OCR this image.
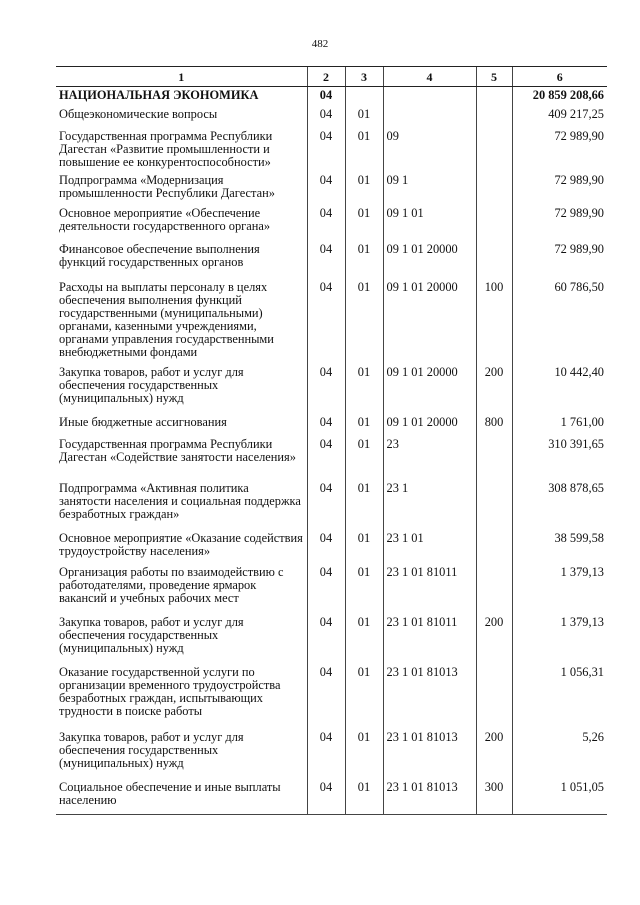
482
1	2	3	4	5	6
НАЦИОНАЛЬНАЯ ЭКОНОМИКА	04				20 859 208,66
Общеэкономические вопросы	04	01			409 217,25
Государственная программа Республики Дагестан «Развитие промышленности и повышение ее конкурентоспособности»	04	01	09		72 989,90
Подпрограмма «Модернизация промышленности Республики Дагестан»	04	01	09 1		72 989,90
Основное мероприятие «Обеспечение деятельности государственного органа»	04	01	09 1 01		72 989,90
Финансовое обеспечение выполнения функций государственных органов	04	01	09 1 01 20000		72 989,90
Расходы на выплаты персоналу в целях обеспечения выполнения функций государственными (муниципальными) органами, казенными учреждениями, органами управления государственными внебюджетными фондами	04	01	09 1 01 20000	100	60 786,50
Закупка товаров, работ и услуг для обеспечения государственных (муниципальных) нужд	04	01	09 1 01 20000	200	10 442,40
Иные бюджетные ассигнования	04	01	09 1 01 20000	800	1 761,00
Государственная программа Республики Дагестан «Содействие занятости населения»	04	01	23		310 391,65
Подпрограмма «Активная политика занятости населения и социальная поддержка безработных граждан»	04	01	23 1		308 878,65
Основное мероприятие «Оказание содействия трудоустройству населения»	04	01	23 1 01		38 599,58
Организация работы по взаимодействию с работодателями, проведение ярмарок вакансий и учебных рабочих мест	04	01	23 1 01 81011		1 379,13
Закупка товаров, работ и услуг для обеспечения государственных (муниципальных) нужд	04	01	23 1 01 81011	200	1 379,13
Оказание государственной услуги по организации временного трудоустройства безработных граждан, испытывающих трудности в поиске работы	04	01	23 1 01 81013		1 056,31
Закупка товаров, работ и услуг для обеспечения государственных (муниципальных) нужд	04	01	23 1 01 81013	200	5,26
Социальное обеспечение и иные выплаты населению	04	01	23 1 01 81013	300	1 051,05
